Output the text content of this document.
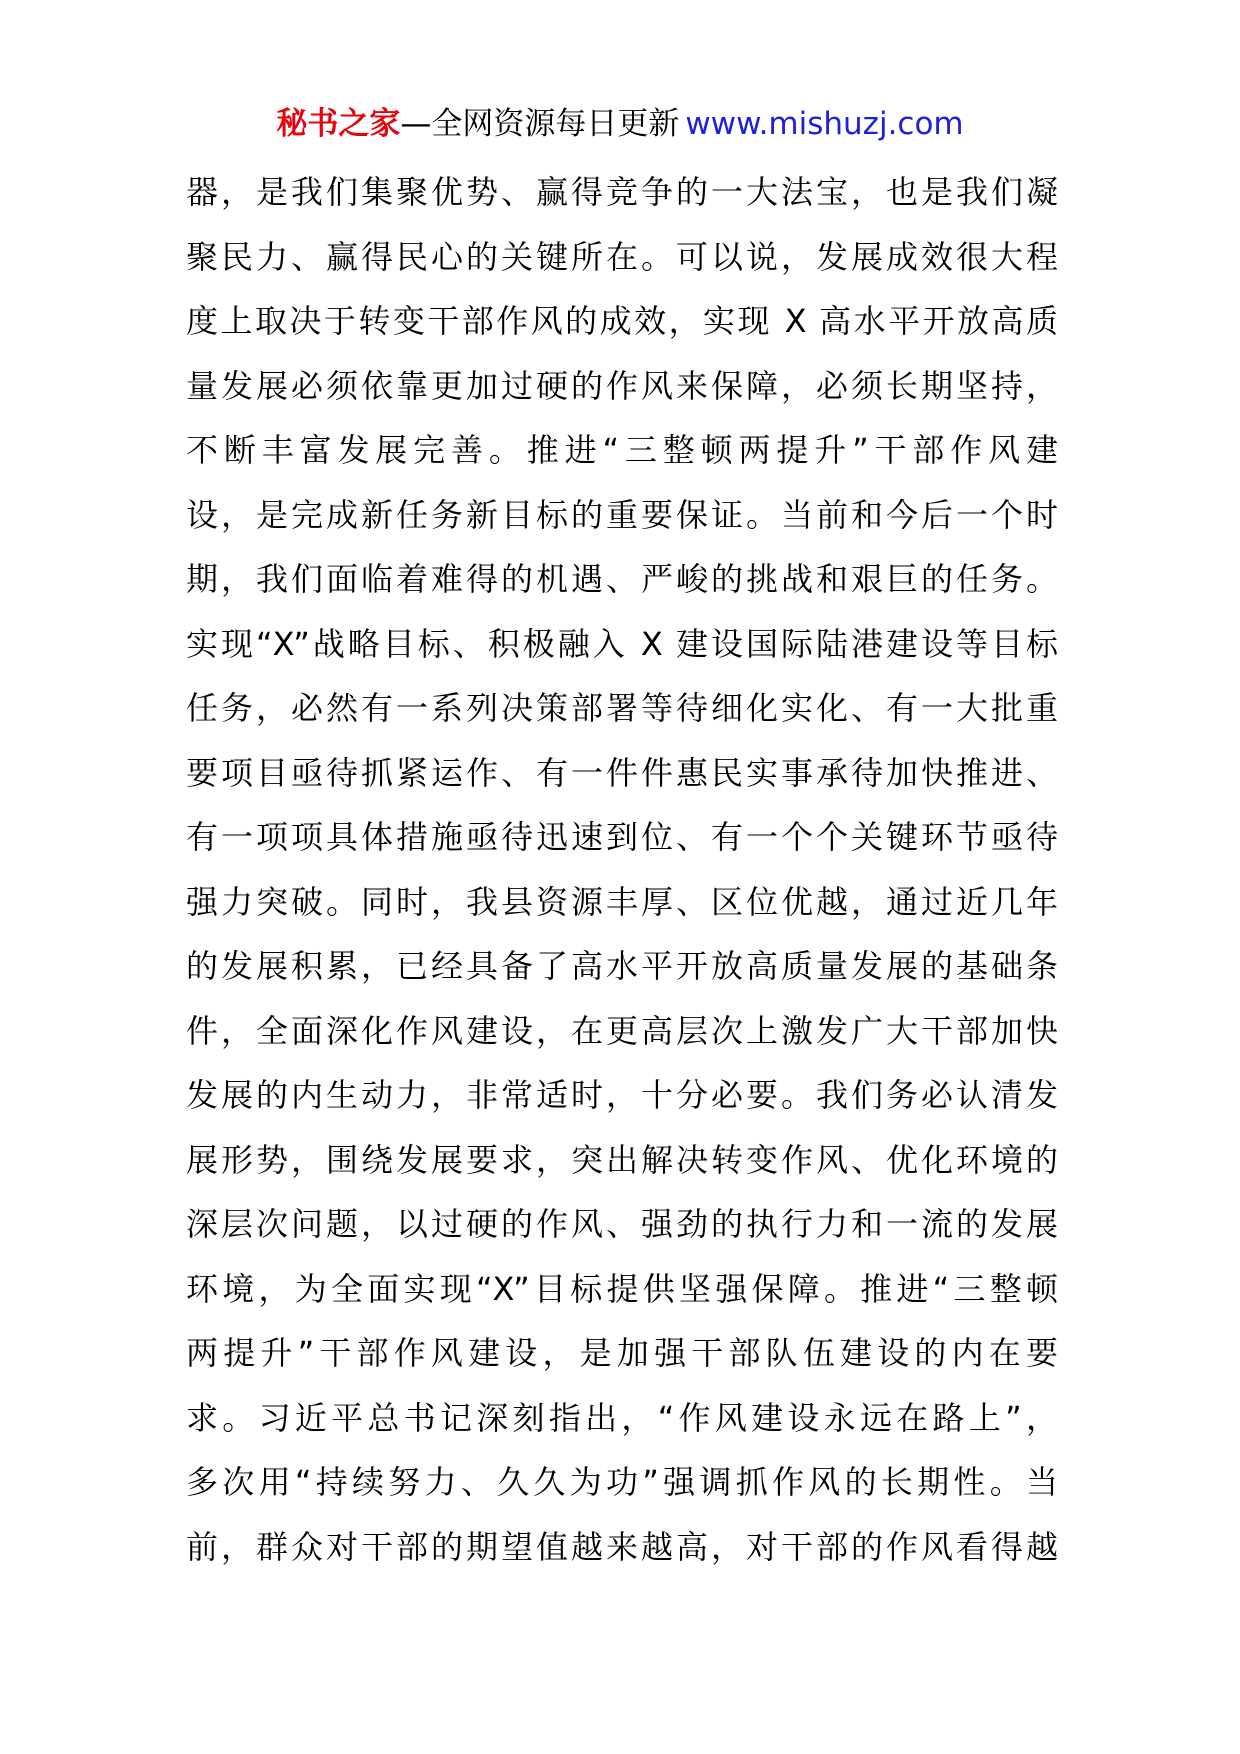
秘书之家—全网资源每日更新 www.mishuzj.com
器，是我们集聚优势、赢得竞争的一大法宝，也是我们凝
聚民力、赢得民心的关键所在。可以说，发展成效很大程
度上取决于转变干部作风的成效，实现 X 高水平开放高质
量发展必须依靠更加过硬的作风来保障，必须长期坚持，
不断丰富发展完善。推进“三整顿两提升”干部作风建
设，是完成新任务新目标的重要保证。当前和今后一个时
期，我们面临着难得的机遇、严峻的挑战和艰巨的任务。
实现“X”战略目标、积极融入 X 建设国际陆港建设等目标
任务，必然有一系列决策部署等待细化实化、有一大批重
要项目亟待抓紧运作、有一件件惠民实事承待加快推进、
有一项项具体措施亟待迅速到位、有一个个关键环节亟待
强力突破。同时，我县资源丰厚、区位优越，通过近几年
的发展积累，已经具备了高水平开放高质量发展的基础条
件，全面深化作风建设，在更高层次上激发广大干部加快
发展的内生动力，非常适时，十分必要。我们务必认清发
展形势，围绕发展要求，突出解决转变作风、优化环境的
深层次问题，以过硬的作风、强劲的执行力和一流的发展
环境，为全面实现“X”目标提供坚强保障。推进“三整顿
两提升”干部作风建设，是加强干部队伍建设的内在要
求。习近平总书记深刻指出，“作风建设永远在路上”，
多次用“持续努力、久久为功”强调抓作风的长期性。当
前，群众对干部的期望值越来越高，对干部的作风看得越
